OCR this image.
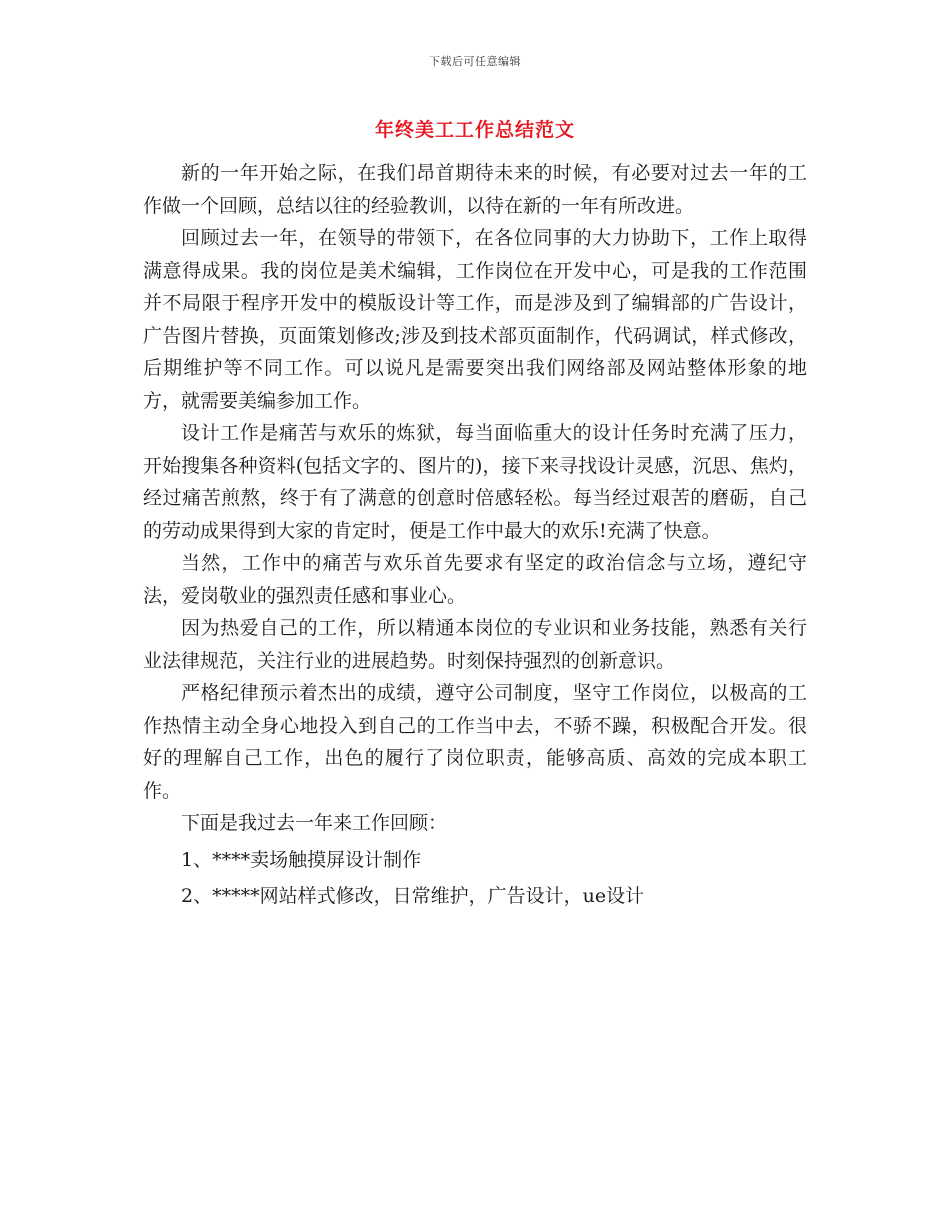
下载后可任意编辑
年终美工工作总结范文

新的一年开始之际，在我们昂首期待未来的时候，有必要对过去一年的工作做一个回顾，总结以往的经验教训，以待在新的一年有所改进。

回顾过去一年，在领导的带领下，在各位同事的大力协助下，工作上取得满意得成果。我的岗位是美术编辑，工作岗位在开发中心，可是我的工作范围并不局限于程序开发中的模版设计等工作，而是涉及到了编辑部的广告设计，广告图片替换，页面策划修改;涉及到技术部页面制作，代码调试，样式修改，后期维护等不同工作。可以说凡是需要突出我们网络部及网站整体形象的地方，就需要美编参加工作。

设计工作是痛苦与欢乐的炼狱，每当面临重大的设计任务时充满了压力，开始搜集各种资料(包括文字的、图片的)，接下来寻找设计灵感，沉思、焦灼，经过痛苦煎熬，终于有了满意的创意时倍感轻松。每当经过艰苦的磨砺，自己的劳动成果得到大家的肯定时，便是工作中最大的欢乐!充满了快意。

当然，工作中的痛苦与欢乐首先要求有坚定的政治信念与立场，遵纪守法，爱岗敬业的强烈责任感和事业心。

因为热爱自己的工作，所以精通本岗位的专业识和业务技能，熟悉有关行业法律规范，关注行业的进展趋势。时刻保持强烈的创新意识。

严格纪律预示着杰出的成绩，遵守公司制度，坚守工作岗位，以极高的工作热情主动全身心地投入到自己的工作当中去，不骄不躁，积极配合开发。很好的理解自己工作，出色的履行了岗位职责，能够高质、高效的完成本职工作。

下面是我过去一年来工作回顾：

1、****卖场触摸屏设计制作

2、*****网站样式修改，日常维护，广告设计，ue设计
